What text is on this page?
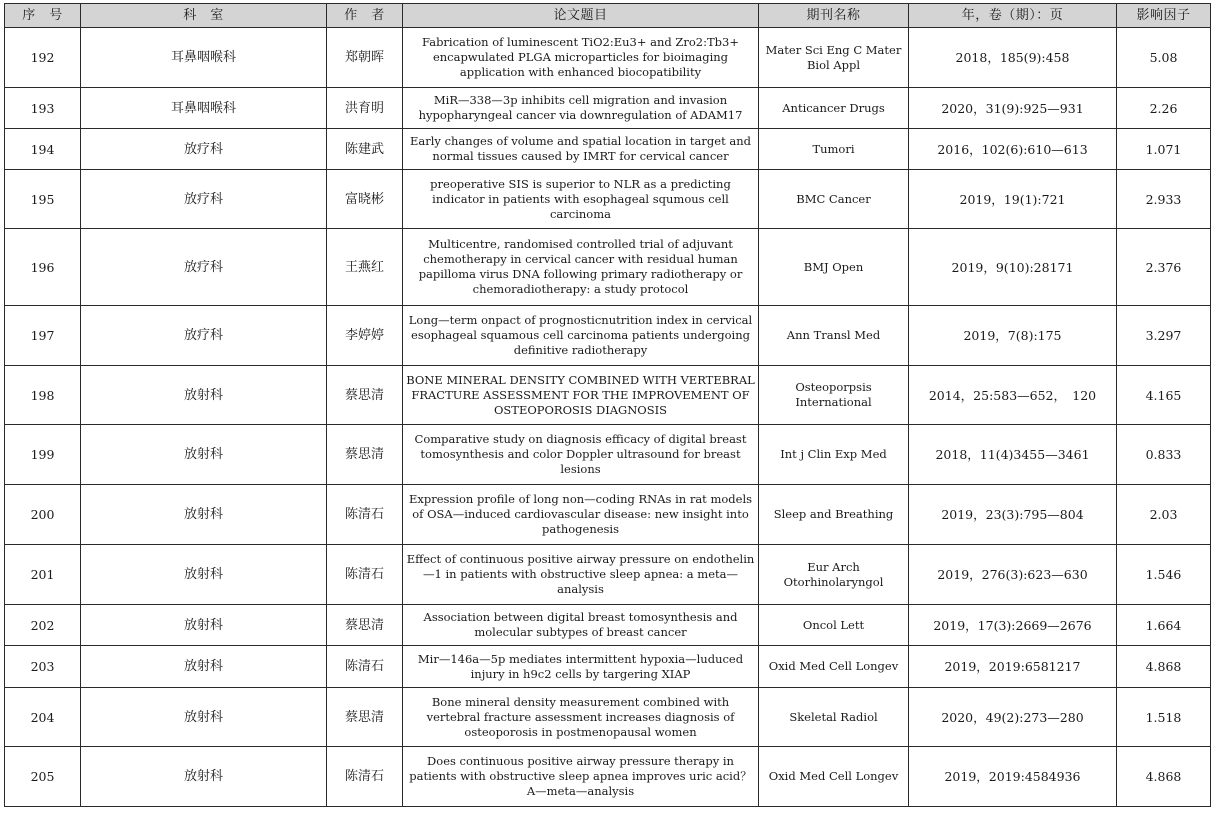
序　号	科　室	作　者	论文题目	期刊名称	年，卷（期）：页	影响因子
192	耳鼻咽喉科	郑朝晖	Fabrication of luminescent TiO2:Eu3+ and Zro2:Tb3+ encapwulated PLGA microparticles for bioimaging application with enhanced biocopatibility	Mater Sci Eng C Mater Biol Appl	2018，185(9):458	5.08
193	耳鼻咽喉科	洪育明	MiR—338—3p inhibits cell migration and invasion hypopharyngeal cancer via downregulation of ADAM17	Anticancer Drugs	2020，31(9):925—931	2.26
194	放疗科	陈建武	Early changes of volume and spatial location in target and normal tissues caused by IMRT for cervical cancer	Tumori	2016，102(6):610—613	1.071
195	放疗科	富晓彬	preoperative SIS is superior to NLR as a predicting indicator in patients with esophageal squmous cell carcinoma	BMC Cancer	2019，19(1):721	2.933
196	放疗科	王燕红	Multicentre, randomised controlled trial of adjuvant chemotherapy in cervical cancer with residual human papilloma virus DNA following primary radiotherapy or chemoradiotherapy: a study protocol	BMJ Open	2019，9(10):28171	2.376
197	放疗科	李婷婷	Long—term onpact of prognosticnutrition index in cervical esophageal squamous cell carcinoma patients undergoing definitive radiotherapy	Ann Transl Med	2019，7(8):175	3.297
198	放射科	蔡思清	BONE MINERAL DENSITY COMBINED WITH VERTEBRAL FRACTURE ASSESSMENT FOR THE IMPROVEMENT OF OSTEOPOROSIS DIAGNOSIS	Osteoporpsis International	2014，25:583—652，　120	4.165
199	放射科	蔡思清	Comparative study on diagnosis efficacy of digital breast tomosynthesis and color Doppler ultrasound for breast lesions	Int j Clin Exp Med	2018，11(4)3455—3461	0.833
200	放射科	陈清石	Expression profile of long non—coding RNAs in rat models of OSA—induced cardiovascular disease: new insight into pathogenesis	Sleep and Breathing	2019，23(3):795—804	2.03
201	放射科	陈清石	Effect of continuous positive airway pressure on endothelin—1 in patients with obstructive sleep apnea: a meta—analysis	Eur Arch Otorhinolaryngol	2019，276(3):623—630	1.546
202	放射科	蔡思清	Association between digital breast tomosynthesis and molecular subtypes of breast cancer	Oncol Lett	2019，17(3):2669—2676	1.664
203	放射科	陈清石	Mir—146a—5p mediates intermittent hypoxia—luduced injury in h9c2 cells by targering XIAP	Oxid Med Cell Longev	2019，2019:6581217	4.868
204	放射科	蔡思清	Bone mineral density measurement combined with vertebral fracture assessment increases diagnosis of osteoporosis in postmenopausal women	Skeletal Radiol	2020，49(2):273—280	1.518
205	放射科	陈清石	Does continuous positive airway pressure therapy in patients with obstructive sleep apnea improves uric acid？ A—meta—analysis	Oxid Med Cell Longev	2019，2019:4584936	4.868
